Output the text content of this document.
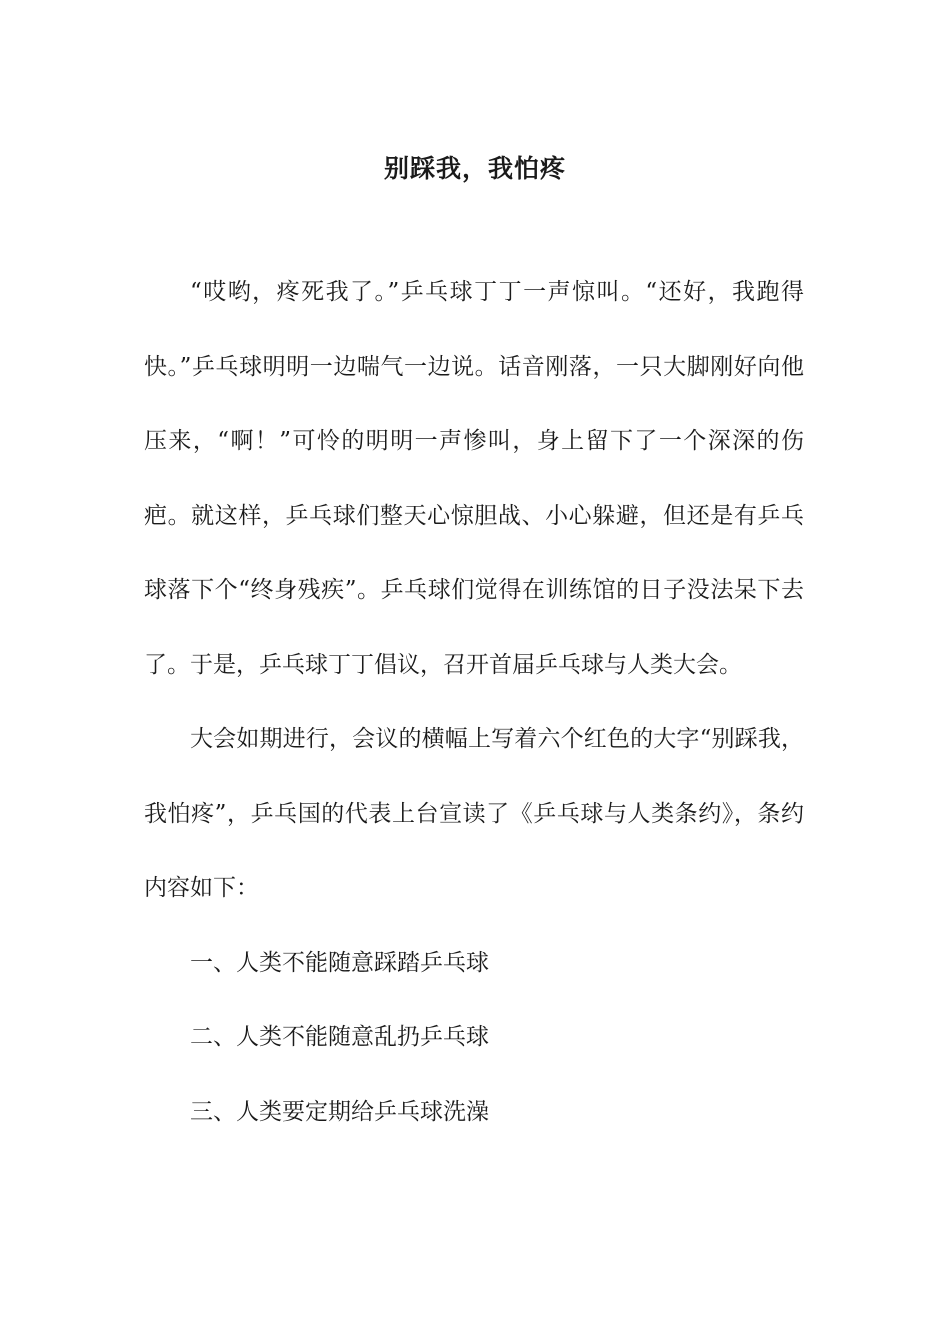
别踩我，我怕疼

“哎哟，疼死我了。”乒乓球丁丁一声惊叫。“还好，我跑得快。”乒乓球明明一边喘气一边说。话音刚落，一只大脚刚好向他压来，“啊！”可怜的明明一声惨叫，身上留下了一个深深的伤疤。就这样，乒乓球们整天心惊胆战、小心躲避，但还是有乒乓球落下个“终身残疾”。乒乓球们觉得在训练馆的日子没法呆下去了。于是，乒乓球丁丁倡议，召开首届乒乓球与人类大会。

大会如期进行，会议的横幅上写着六个红色的大字“别踩我，我怕疼”，乒乓国的代表上台宣读了《乒乓球与人类条约》，条约内容如下：

一、人类不能随意踩踏乒乓球
二、人类不能随意乱扔乒乓球
三、人类要定期给乒乓球洗澡
